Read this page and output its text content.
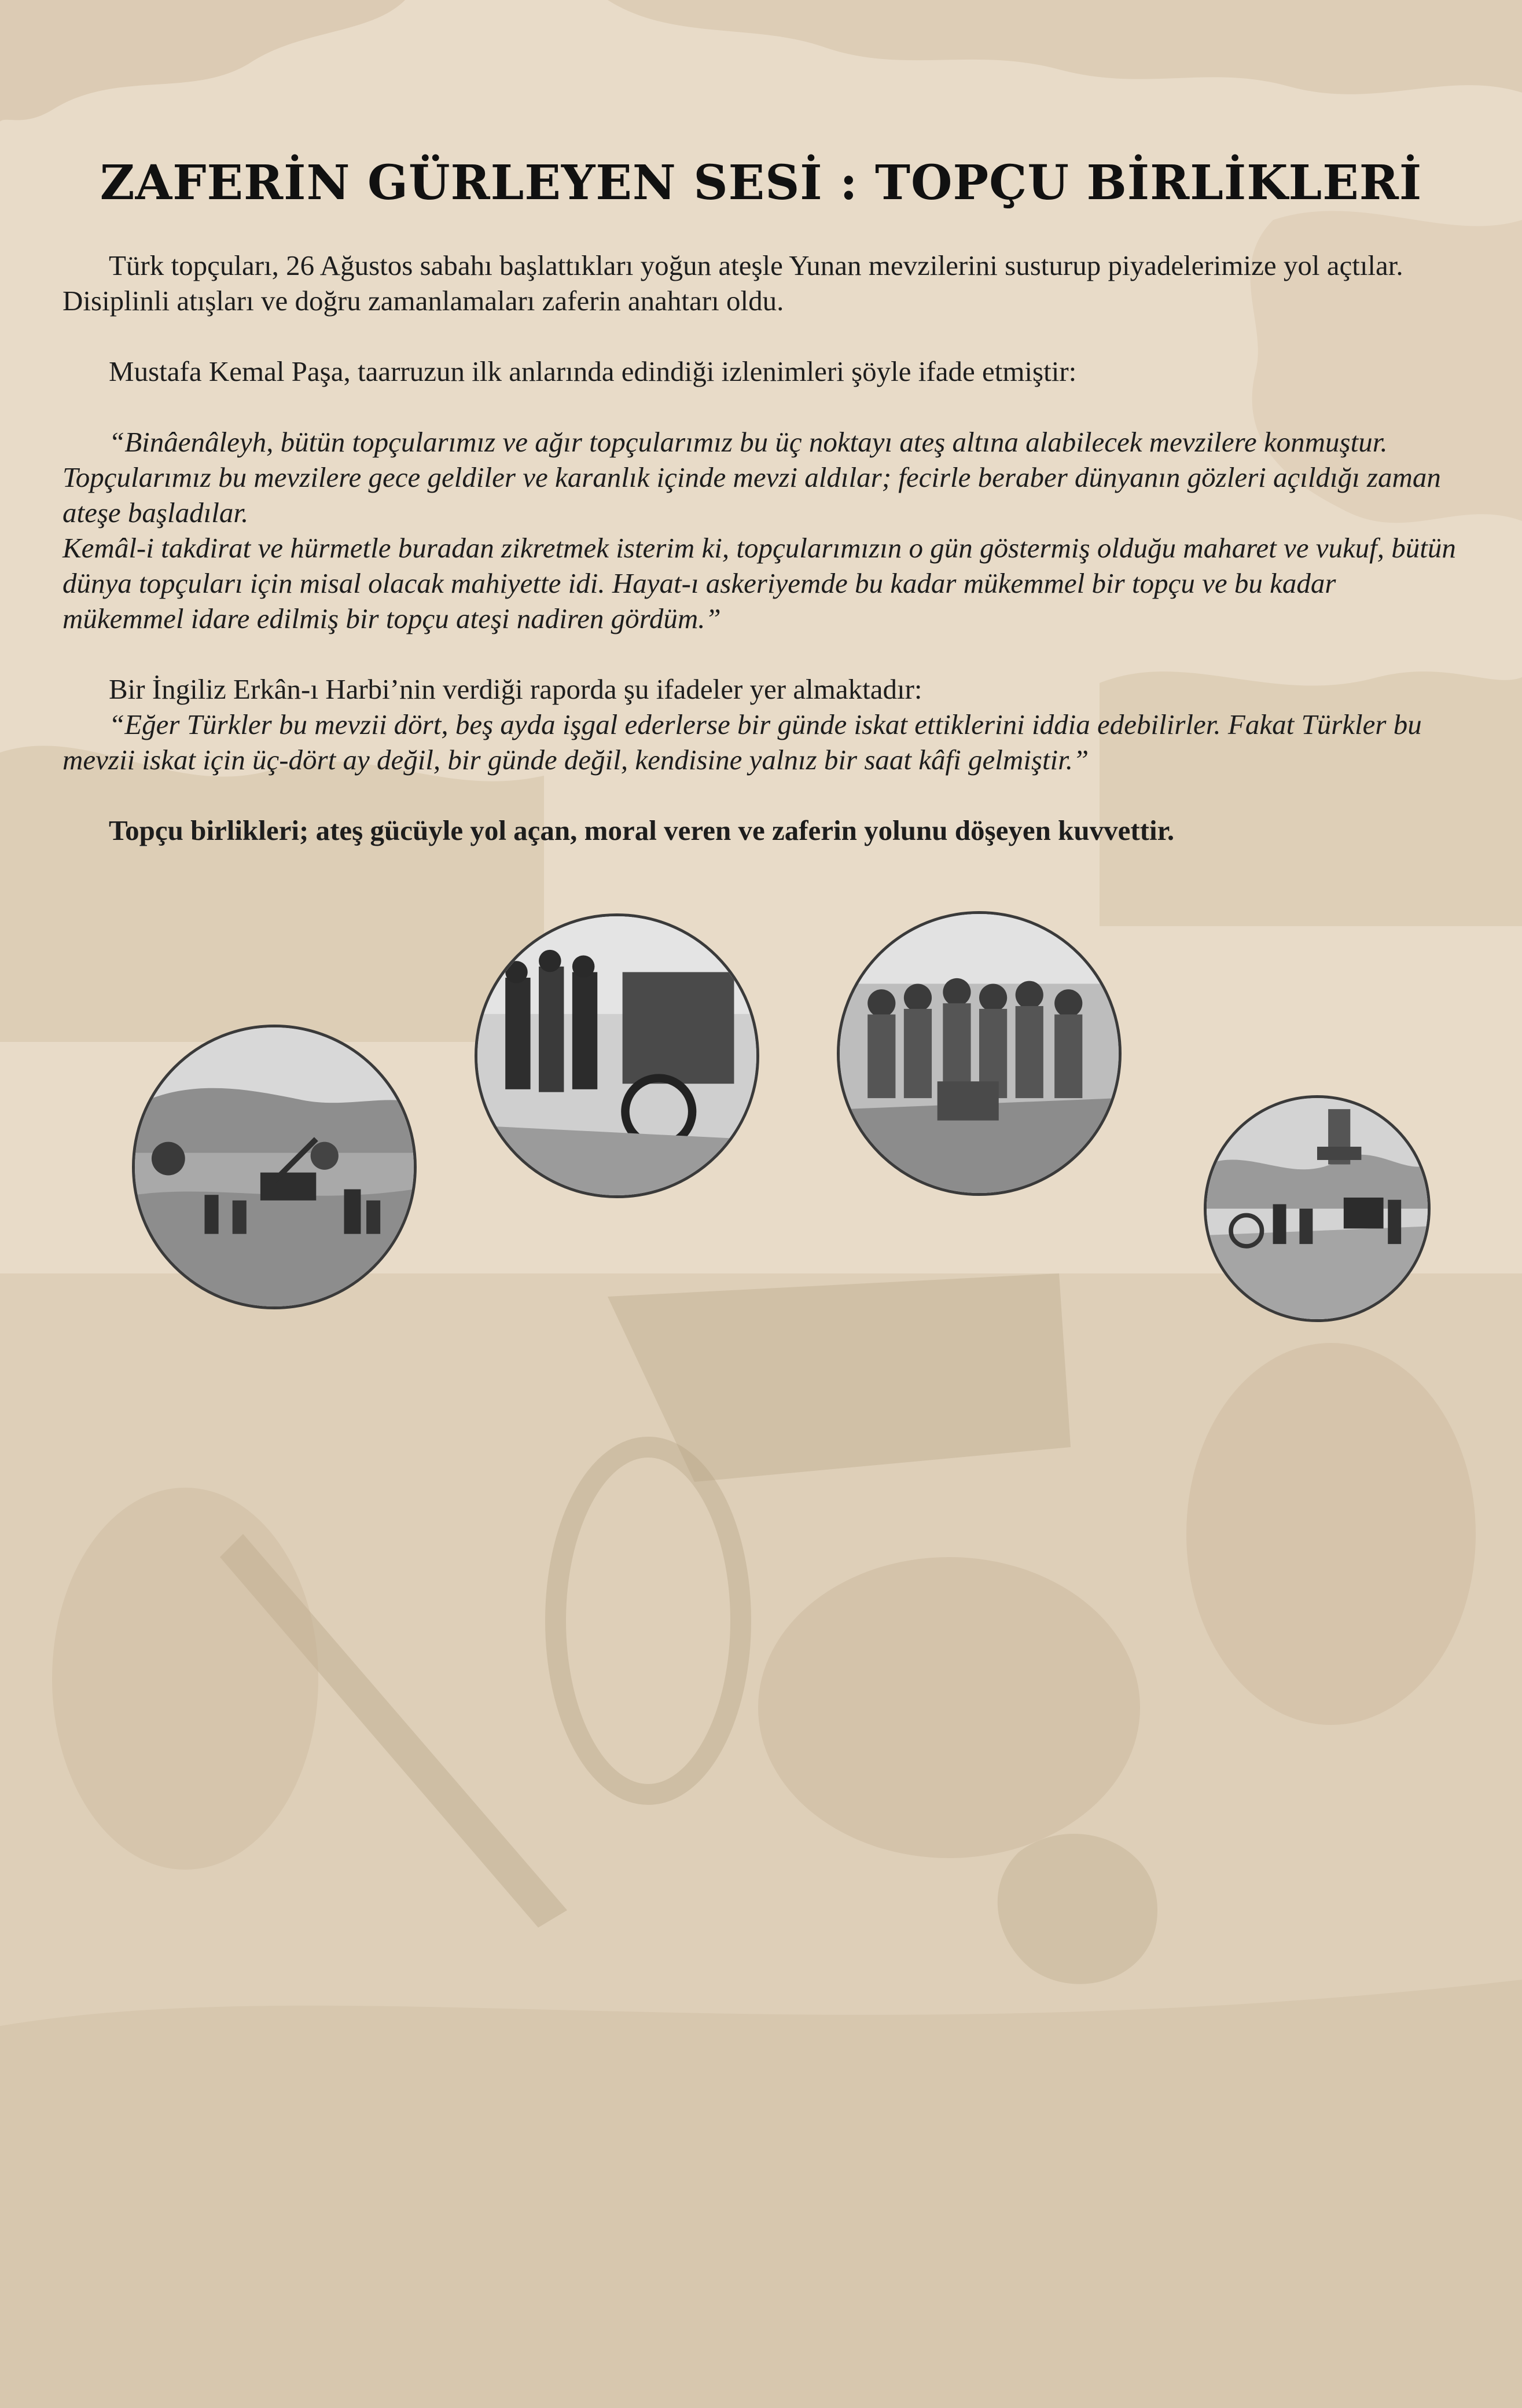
ZAFERİN GÜRLEYEN SESİ : TOPÇU BİRLİKLERİ

Türk topçuları, 26 Ağustos sabahı başlattıkları yoğun ateşle Yunan mevzilerini susturup piyadelerimize yol açtılar. Disiplinli atışları ve doğru zamanlamaları zaferin anahtarı oldu.

Mustafa Kemal Paşa, taarruzun ilk anlarında edindiği izlenimleri şöyle ifade etmiştir:

“Binâenâleyh, bütün topçularımız ve ağır topçularımız bu üç noktayı ateş altına alabilecek mevzilere konmuştur. Topçularımız bu mevzilere gece geldiler ve karanlık içinde mevzi aldılar; fecirle beraber dünyanın gözleri açıldığı zaman ateşe başladılar.

Kemâl-i takdirat ve hürmetle buradan zikretmek isterim ki, topçularımızın o gün göstermiş olduğu maharet ve vukuf, bütün dünya topçuları için misal olacak mahiyette idi. Hayat-ı askeriyemde bu kadar mükemmel bir topçu ve bu kadar mükemmel idare edilmiş bir topçu ateşi nadiren gördüm.”

Bir İngiliz Erkân-ı Harbi’nin verdiği raporda şu ifadeler yer almaktadır:

“Eğer Türkler bu mevzii dört, beş ayda işgal ederlerse bir günde iskat ettiklerini iddia edebilirler. Fakat Türkler bu mevzii iskat için üç-dört ay değil, bir günde değil, kendisine yalnız bir saat kâfi gelmiştir.”

Topçu birlikleri; ateş gücüyle yol açan, moral veren ve zaferin yolunu döşeyen kuvvettir.
